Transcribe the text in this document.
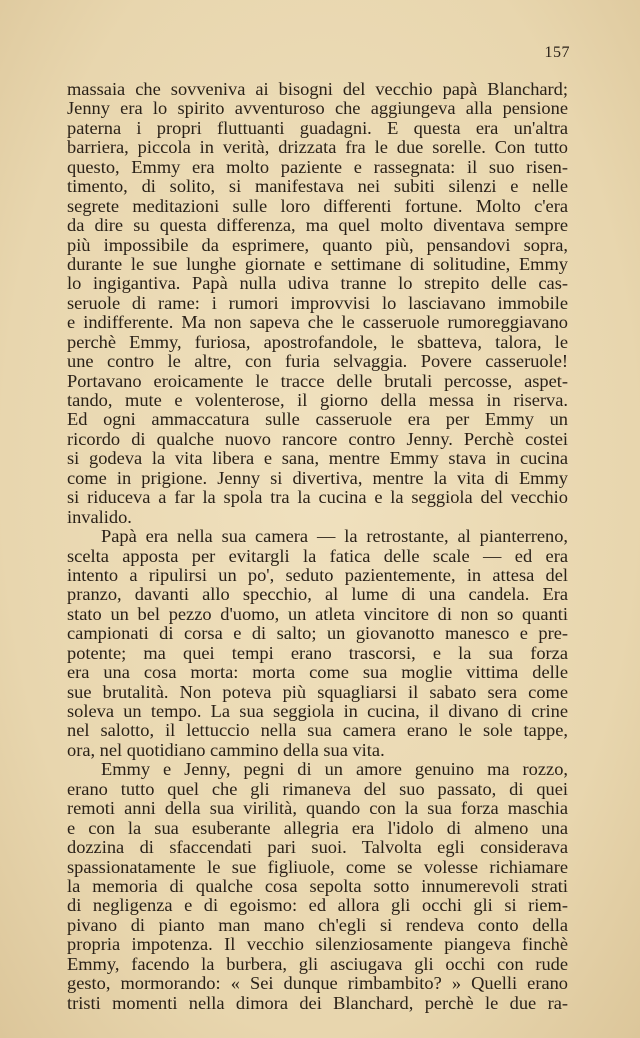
157
massaia che sovveniva ai bisogni del vecchio papà Blanchard;
Jenny era lo spirito avventuroso che aggiungeva alla pensione
paterna i propri fluttuanti guadagni. E questa era un'altra
barriera, piccola in verità, drizzata fra le due sorelle. Con tutto
questo, Emmy era molto paziente e rassegnata: il suo risen-
timento, di solito, si manifestava nei subiti silenzi e nelle
segrete meditazioni sulle loro differenti fortune. Molto c'era
da dire su questa differenza, ma quel molto diventava sempre
più impossibile da esprimere, quanto più, pensandovi sopra,
durante le sue lunghe giornate e settimane di solitudine, Emmy
lo ingigantiva. Papà nulla udiva tranne lo strepito delle cas-
seruole di rame: i rumori improvvisi lo lasciavano immobile
e indifferente. Ma non sapeva che le casseruole rumoreggiavano
perchè Emmy, furiosa, apostrofandole, le sbatteva, talora, le
une contro le altre, con furia selvaggia. Povere casseruole!
Portavano eroicamente le tracce delle brutali percosse, aspet-
tando, mute e volenterose, il giorno della messa in riserva.
Ed ogni ammaccatura sulle casseruole era per Emmy un
ricordo di qualche nuovo rancore contro Jenny. Perchè costei
si godeva la vita libera e sana, mentre Emmy stava in cucina
come in prigione. Jenny si divertiva, mentre la vita di Emmy
si riduceva a far la spola tra la cucina e la seggiola del vecchio
invalido.
Papà era nella sua camera — la retrostante, al pianterreno,
scelta apposta per evitargli la fatica delle scale — ed era
intento a ripulirsi un po', seduto pazientemente, in attesa del
pranzo, davanti allo specchio, al lume di una candela. Era
stato un bel pezzo d'uomo, un atleta vincitore di non so quanti
campionati di corsa e di salto; un giovanotto manesco e pre-
potente; ma quei tempi erano trascorsi, e la sua forza
era una cosa morta: morta come sua moglie vittima delle
sue brutalità. Non poteva più squagliarsi il sabato sera come
soleva un tempo. La sua seggiola in cucina, il divano di crine
nel salotto, il lettuccio nella sua camera erano le sole tappe,
ora, nel quotidiano cammino della sua vita.
Emmy e Jenny, pegni di un amore genuino ma rozzo,
erano tutto quel che gli rimaneva del suo passato, di quei
remoti anni della sua virilità, quando con la sua forza maschia
e con la sua esuberante allegria era l'idolo di almeno una
dozzina di sfaccendati pari suoi. Talvolta egli considerava
spassionatamente le sue figliuole, come se volesse richiamare
la memoria di qualche cosa sepolta sotto innumerevoli strati
di negligenza e di egoismo: ed allora gli occhi gli si riem-
pivano di pianto man mano ch'egli si rendeva conto della
propria impotenza. Il vecchio silenziosamente piangeva finchè
Emmy, facendo la burbera, gli asciugava gli occhi con rude
gesto, mormorando: « Sei dunque rimbambito? » Quelli erano
tristi momenti nella dimora dei Blanchard, perchè le due ra-
